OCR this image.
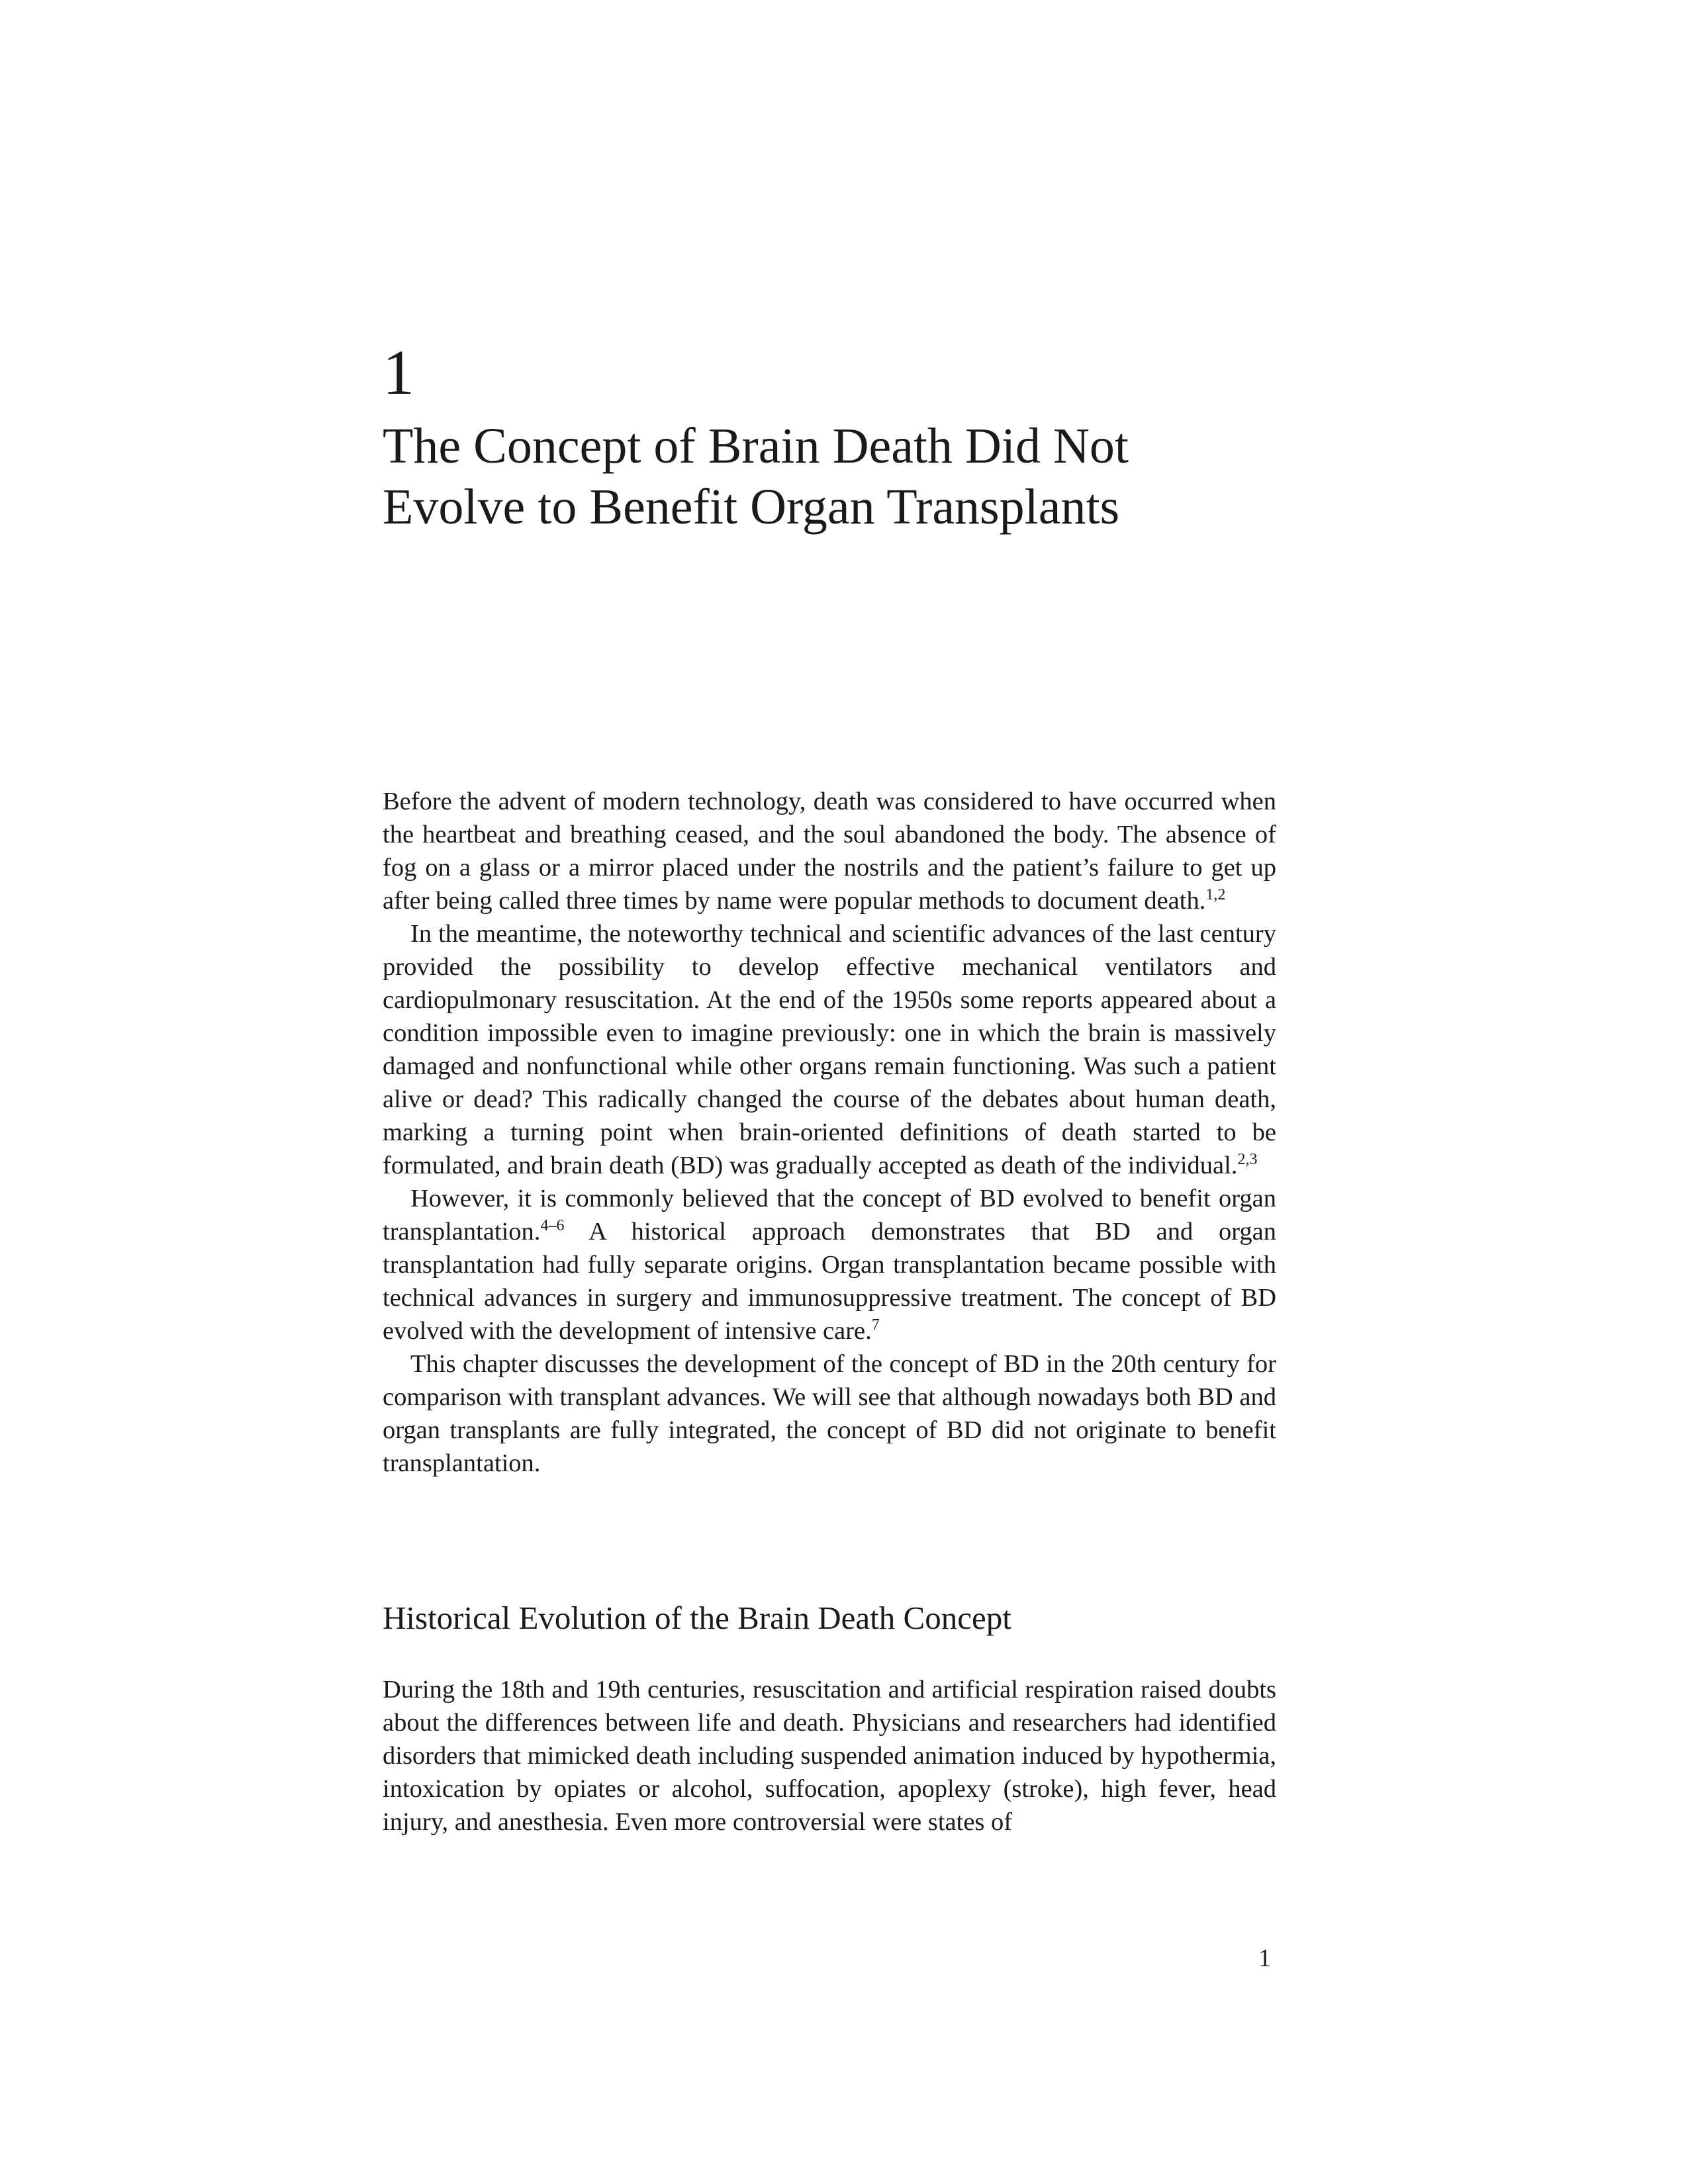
1
The Concept of Brain Death Did Not
Evolve to Benefit Organ Transplants

Before the advent of modern technology, death was considered to have occurred when the heartbeat and breathing ceased, and the soul abandoned the body. The absence of fog on a glass or a mirror placed under the nostrils and the patient’s failure to get up after being called three times by name were popular methods to document death.$^{1,2}$

In the meantime, the noteworthy technical and scientific advances of the last century provided the possibility to develop effective mechanical ventilators and cardiopulmonary resuscitation. At the end of the 1950s some reports appeared about a condition impossible even to imagine previously: one in which the brain is massively damaged and nonfunctional while other organs remain functioning. Was such a patient alive or dead? This radically changed the course of the debates about human death, marking a turning point when brain-oriented definitions of death started to be formulated, and brain death (BD) was gradually accepted as death of the individual.$^{2,3}$

However, it is commonly believed that the concept of BD evolved to benefit organ transplantation.$^{4-6}$ A historical approach demonstrates that BD and organ transplantation had fully separate origins. Organ transplantation became possible with technical advances in surgery and immunosuppressive treatment. The concept of BD evolved with the development of intensive care.$^7$

This chapter discusses the development of the concept of BD in the 20th century for comparison with transplant advances. We will see that although nowadays both BD and organ transplants are fully integrated, the concept of BD did not originate to benefit transplantation.

Historical Evolution of the Brain Death Concept

During the 18th and 19th centuries, resuscitation and artificial respiration raised doubts about the differences between life and death. Physicians and researchers had identified disorders that mimicked death including suspended animation induced by hypothermia, intoxication by opiates or alcohol, suffocation, apoplexy (stroke), high fever, head injury, and anesthesia. Even more controversial were states of

1
